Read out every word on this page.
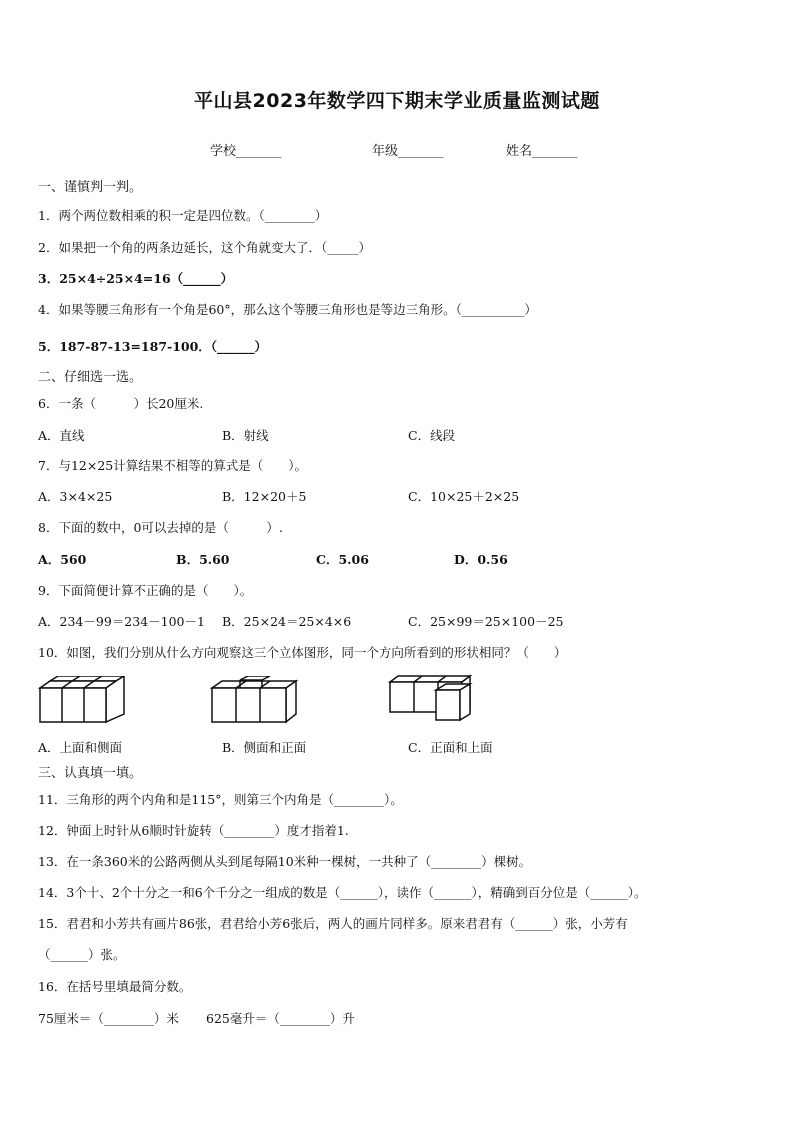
平山县2023年数学四下期末学业质量监测试题
学校_______	年级_______	姓名_______
一、谨慎判一判。
1．两个两位数相乘的积一定是四位数。（________）
2．如果把一个角的两条边延长，这个角就变大了．（_____）
3．25×4÷25×4=16（______）
4．如果等腰三角形有一个角是60°，那么这个等腰三角形也是等边三角形。（__________）
5．187-87-13=187-100．（______）
二、仔细选一选。
6．一条（　　　）长20厘米.
A．直线	B．射线	C．线段
7．与12×25计算结果不相等的算式是（　　）。
A．3×4×25	B．12×20＋5	C．10×25＋2×25
8．下面的数中，0可以去掉的是（　　　）.
A．560	B．5.60	C．5.06	D．0.56
9．下面简便计算不正确的是（　　）。
A．234－99＝234－100－1 B．25×24＝25×4×6	C．25×99＝25×100－25
10．如图，我们分别从什么方向观察这三个立体图形，同一个方向所看到的形状相同？（　　）
A．上面和侧面	B．侧面和正面	C．正面和上面
三、认真填一填。
11．三角形的两个内角和是115°，则第三个内角是（________）。
12．钟面上时针从6顺时针旋转（________）度才指着1.
13．在一条360米的公路两侧从头到尾每隔10米种一棵树，一共种了（________）棵树。
14．3个十、2个十分之一和6个千分之一组成的数是（______），读作（______），精确到百分位是（______）。
15．君君和小芳共有画片86张，君君给小芳6张后，两人的画片同样多。原来君君有（______）张，小芳有
（______）张。
16．在括号里填最简分数。
75厘米＝（________）米 625毫升＝（________）升
